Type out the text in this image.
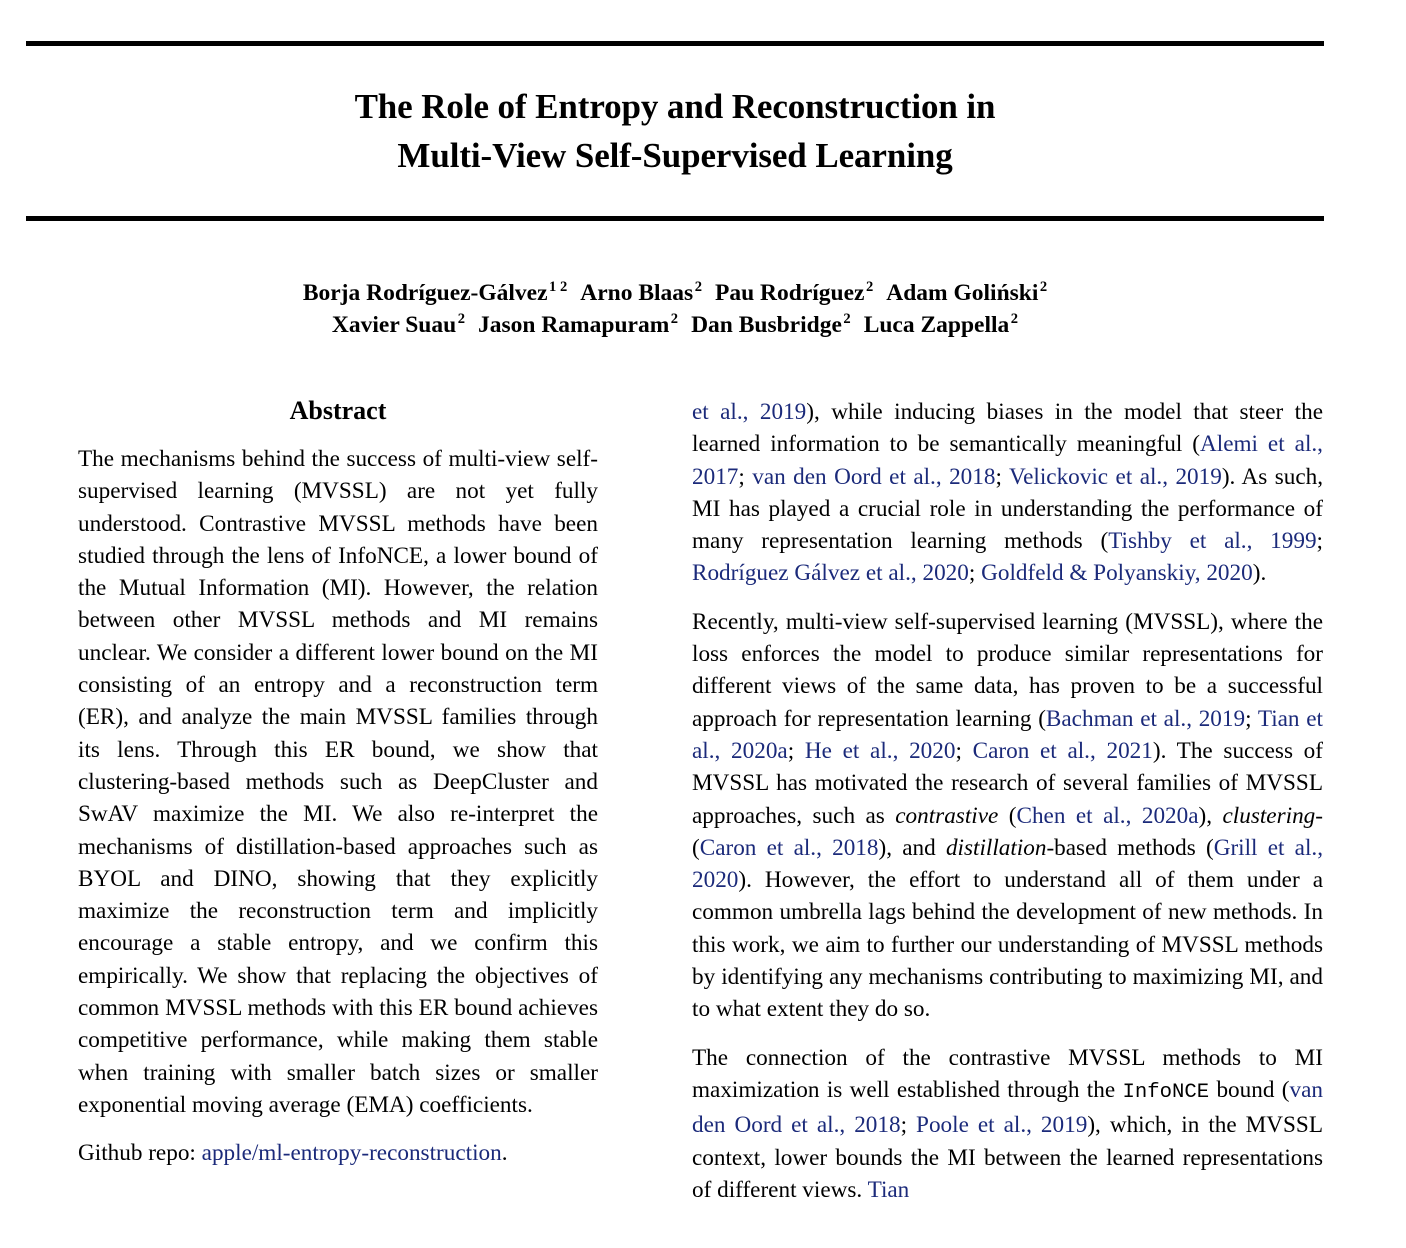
The Role of Entropy and Reconstruction in
Multi-View Self-Supervised Learning
Borja Rodríguez-Gálvez $^{1 2}$ Arno Blaas $^2$ Pau Rodríguez $^2$ Adam Goliński $^2$
Xavier Suau $^2$ Jason Ramapuram $^2$ Dan Busbridge $^2$ Luca Zappella $^2$
Abstract

The mechanisms behind the success of multi-view self-supervised learning (MVSSL) are not yet fully understood. Contrastive MVSSL methods have been studied through the lens of InfoNCE, a lower bound of the Mutual Information (MI). However, the relation between other MVSSL methods and MI remains unclear. We consider a different lower bound on the MI consisting of an entropy and a reconstruction term (ER), and analyze the main MVSSL families through its lens. Through this ER bound, we show that clustering-based methods such as DeepCluster and SwAV maximize the MI. We also re-interpret the mechanisms of distillation-based approaches such as BYOL and DINO, showing that they explicitly maximize the reconstruction term and implicitly encourage a stable entropy, and we confirm this empirically. We show that replacing the objectives of common MVSSL methods with this ER bound achieves competitive performance, while making them stable when training with smaller batch sizes or smaller exponential moving average (EMA) coefficients.

Github repo: apple/ml-entropy-reconstruction.

et al., 2019), while inducing biases in the model that steer the learned information to be semantically meaningful (Alemi et al., 2017; van den Oord et al., 2018; Velickovic et al., 2019). As such, MI has played a crucial role in understanding the performance of many representation learning methods (Tishby et al., 1999; Rodríguez Gálvez et al., 2020; Goldfeld & Polyanskiy, 2020).

Recently, multi-view self-supervised learning (MVSSL), where the loss enforces the model to produce similar representations for different views of the same data, has proven to be a successful approach for representation learning (Bachman et al., 2019; Tian et al., 2020a; He et al., 2020; Caron et al., 2021). The success of MVSSL has motivated the research of several families of MVSSL approaches, such as contrastive (Chen et al., 2020a), clustering- (Caron et al., 2018), and distillation-based methods (Grill et al., 2020). However, the effort to understand all of them under a common umbrella lags behind the development of new methods. In this work, we aim to further our understanding of MVSSL methods by identifying any mechanisms contributing to maximizing MI, and to what extent they do so.

The connection of the contrastive MVSSL methods to MI maximization is well established through the InfoNCE bound (van den Oord et al., 2018; Poole et al., 2019), which, in the MVSSL context, lower bounds the MI between the learned representations of different views. Tian
